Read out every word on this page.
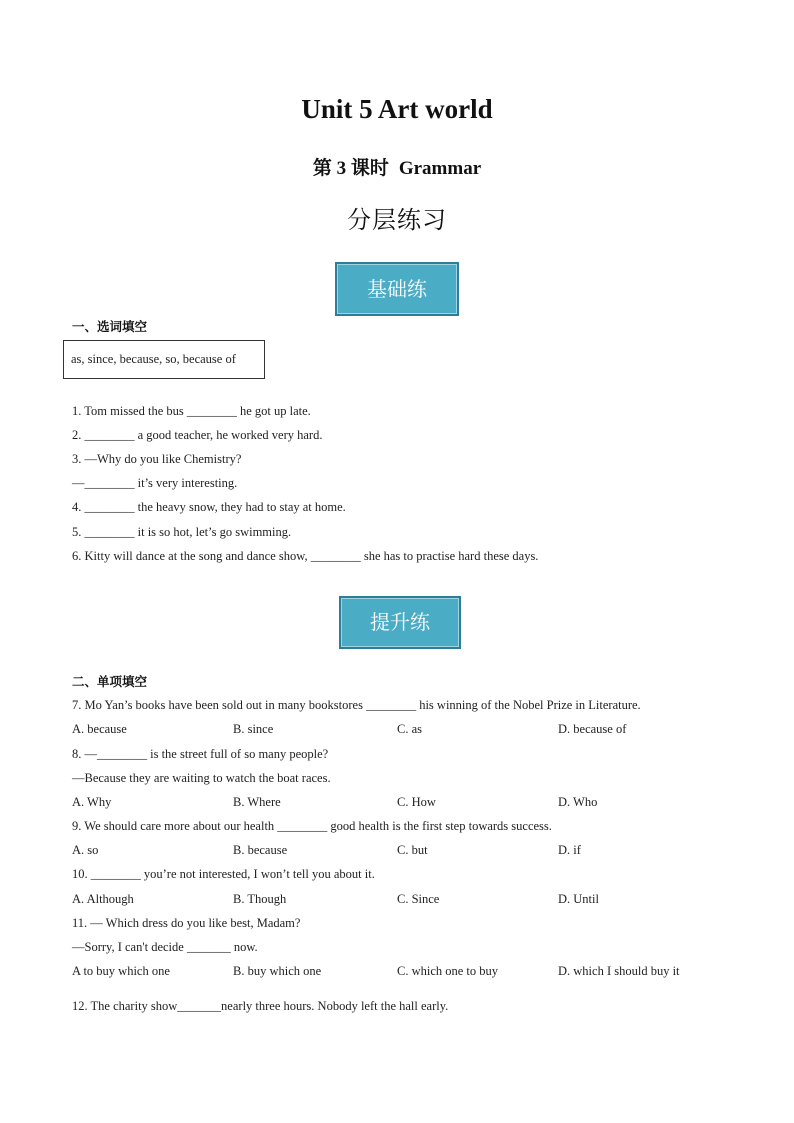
Unit 5 Art world
第 3 课时 Grammar
分层练习
基础练
一、选词填空
as, since, because, so, because of
1. Tom missed the bus ________ he got up late.
2. ________ a good teacher, he worked very hard.
3. —Why do you like Chemistry?
—________ it’s very interesting.
4. ________ the heavy snow, they had to stay at home.
5. ________ it is so hot, let’s go swimming.
6. Kitty will dance at the song and dance show, ________ she has to practise hard these days.
提升练
二、单项填空
7. Mo Yan’s books have been sold out in many bookstores ________ his winning of the Nobel Prize in Literature.
A. because	B. since	C. as	D. because of
8. —________ is the street full of so many people?
—Because they are waiting to watch the boat races.
A. Why	B. Where	C. How	D. Who
9. We should care more about our health ________ good health is the first step towards success.
A. so	B. because	C. but	D. if
10. ________ you’re not interested, I won’t tell you about it.
A. Although	B. Though	C. Since	D. Until
11. — Which dress do you like best, Madam?
—Sorry, I can't decide _______ now.
A to buy which one	B. buy which one	C. which one to buy	D. which I should buy it
12. The charity show_______nearly three hours. Nobody left the hall early.
